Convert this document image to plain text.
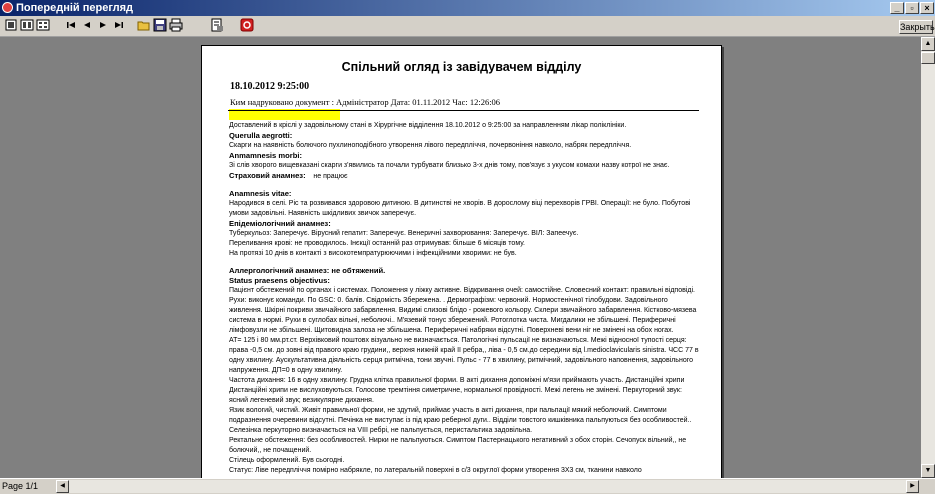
Попередній перегляд	_	▫	×
Закрыть
Спільний огляд із завідувачем відділу
18.10.2012 9:25:00
Ким надруковано документ : Адміністратор Дата: 01.11.2012 Час: 12:26:06

Доставлений в кріслі у задовільному стані в Хірургічне відділення 18.10.2012 о 9:25:00 за направленням лікар поліклініки.

Querulla aegrotti:

Скарги на наявність болючого пухлиноподібного утворення лівого передпліччя, почервоніння навколо, набряк передпліччя.

Anmamnesis morbi:

Зі слів хворого вищевказані скарги з'явились та почали турбувати близько 3-х днів тому, пов'язує з укусом комахи назву котрої не знає.

Страховий анамнез: не працює

Anamnesis vitae:

Народився в селі. Ріс та розвивався здоровою дитиною. В дитинстві не хворів. В дорослому віці перехворів ГРВІ. Операції: не було. Побутові умови задовільні. Наявність шкідливих звичок заперечує.

Епідеміологічний анамнез:

Туберкульоз: Заперечує. Вірусний гепатит: Заперечує. Венеричні захворювання: Заперечує. ВІЛ: Запеечує.

Переливання крові: не проводилось. Інєкції останній раз отримував: більше 6 місяців тому.

На протязі 10 днів в контакті з високотемпратурюючими і інфекційними хворими: не був.

Аллергологічний анамнез: не обтяжений.

Status praesens objectivus:

Пацієнт обстежений по органах і системах. Положення у ліжку активне. Відкривання очей: самостійне. Словесний контакт: правильні відповіді. Рухи: виконує команди. По GSC: 0. балів. Свідомість Збережена. . Дермографізм: червоний. Нормостенічної тілобудови. Задовільного живлення. Шкірні покриви звичайного забарвлення. Видимі слизові блідо - рожевого кольору. Склери звичайного забарвлення. Кістково-мязева система в нормі. Рухи в суглобах вільні, неболючі.. М'язевий тонус збережений. Ротоглотка чиста. Мигдалики не збільшені. Периферичні лімфовузли не збільшені. Щитовидна залоза не збільшена. Периферичні набряки відсутні. Поверхневі вени ніг не змінені на обох ногах.

АТ= 125 і 80 мм.рт.ст. Верхівковий поштовх візуально не визначається. Патологічні пульсації не визначаються. Межі відносної тупості серця: права -0,5 см. до зовні від правого краю грудини,, верхня нижній край ІІ ребра,, ліва - 0,5 см.до середини від l.medioclavicularis sinistra. ЧСС 77 в одну хвилину. Аускультативна діяльність серця ритмічна, тони звучні. Пульс - 77 в хвилину, ритмічний, задовільного наповнення, задовільного напруження. ДП=0 в одну хвилину.

Частота дихання: 16 в одну хвилину. Грудна клітка правильної форми. В акті дихання допоміжні м'язи приймають участь. Дистанційні хрипи Дистанційні хрипи не вислуховуються. Голосове тремтіння симетричне, нормальної провідності. Межі легень не змінені. Перкуторний звук: ясний легеневий звук; везикулярне дихання.

Язик вологий, чистий. Живіт правильної форми, не здутий, приймає участь в акті дихання, при пальпації мякий неболючий. Симптоми подразнення очеревини відсутні. Печінка не виступає із під краю реберної дуги.. Відділи товстого кишківника пальпуються без особливостей.. Селезінка перкуторно визначається на VIII ребрі, не пальпується, перистальтика задовільна.

Ректальне обстеження: без особливостей. Нирки не пальпуються. Симптом Пастернацького негативний з обох сторін. Сечопуск вільний,, не болючий,, не почащений.

Стілець оформлений. Був сьогодні.

Статус: Ліве передпліччя помірно набрякле, по латеральній поверхні в с/3 округлої форми утворення 3Х3 см, тканини навколо

▲
▼
Page 1/1	◀	▶
